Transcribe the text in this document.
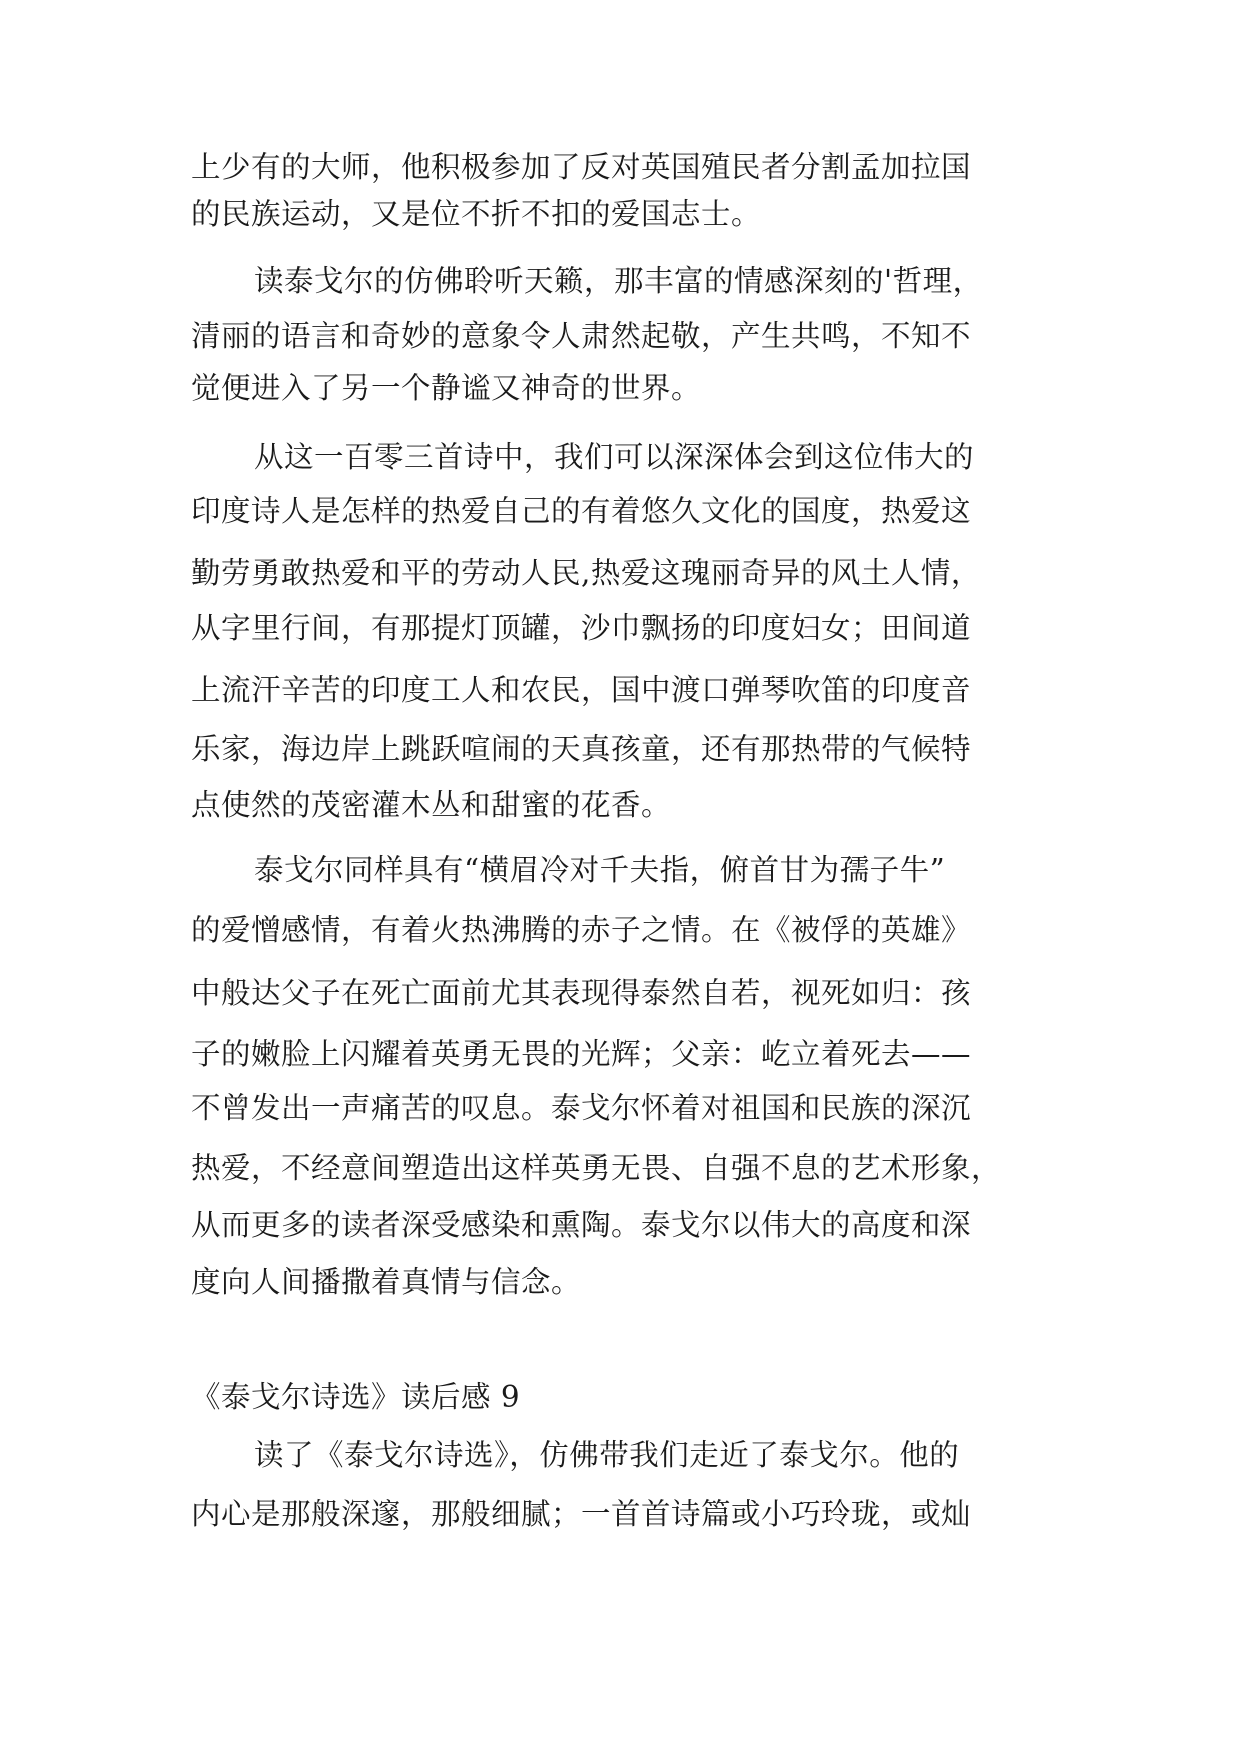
上少有的大师，他积极参加了反对英国殖民者分割孟加拉国
的民族运动，又是位不折不扣的爱国志士。
读泰戈尔的仿佛聆听天籁，那丰富的情感深刻的'哲理，
清丽的语言和奇妙的意象令人肃然起敬，产生共鸣，不知不
觉便进入了另一个静谧又神奇的世界。
从这一百零三首诗中，我们可以深深体会到这位伟大的
印度诗人是怎样的热爱自己的有着悠久文化的国度，热爱这
勤劳勇敢热爱和平的劳动人民,热爱这瑰丽奇异的风土人情，
从字里行间，有那提灯顶罐，沙巾飘扬的印度妇女；田间道
上流汗辛苦的印度工人和农民，国中渡口弹琴吹笛的印度音
乐家，海边岸上跳跃喧闹的天真孩童，还有那热带的气候特
点使然的茂密灌木丛和甜蜜的花香。
泰戈尔同样具有“横眉冷对千夫指，俯首甘为孺子牛”
的爱憎感情，有着火热沸腾的赤子之情。在《被俘的英雄》
中般达父子在死亡面前尤其表现得泰然自若，视死如归：孩
子的嫩脸上闪耀着英勇无畏的光辉；父亲：屹立着死去——
不曾发出一声痛苦的叹息。泰戈尔怀着对祖国和民族的深沉
热爱，不经意间塑造出这样英勇无畏、自强不息的艺术形象，
从而更多的读者深受感染和熏陶。泰戈尔以伟大的高度和深
度向人间播撒着真情与信念。
《泰戈尔诗选》读后感 9
读了《泰戈尔诗选》，仿佛带我们走近了泰戈尔。他的
内心是那般深邃，那般细腻；一首首诗篇或小巧玲珑，或灿
